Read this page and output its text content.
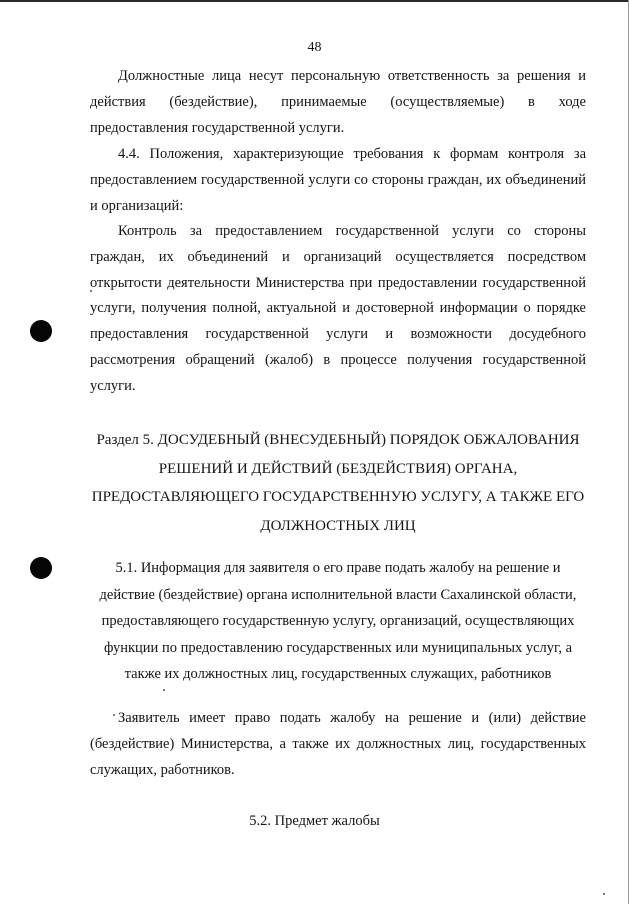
48

Должностные лица несут персональную ответственность за решения и действия (бездействие), принимаемые (осуществляемые) в ходе предоставления государственной услуги.

4.4. Положения, характеризующие требования к формам контроля за предоставлением государственной услуги со стороны граждан, их объединений и организаций:

Контроль за предоставлением государственной услуги со стороны граждан, их объединений и организаций осуществляется посредством открытости деятельности Министерства при предоставлении государственной услуги, получения полной, актуальной и достоверной информации о порядке предоставления государственной услуги и возможности досудебного рассмотрения обращений (жалоб) в процессе получения государственной услуги.

Раздел 5. ДОСУДЕБНЫЙ (ВНЕСУДЕБНЫЙ) ПОРЯДОК ОБЖАЛОВАНИЯ РЕШЕНИЙ И ДЕЙСТВИЙ (БЕЗДЕЙСТВИЯ) ОРГАНА, ПРЕДОСТАВЛЯЮЩЕГО ГОСУДАРСТВЕННУЮ УСЛУГУ, А ТАКЖЕ ЕГО ДОЛЖНОСТНЫХ ЛИЦ

5.1. Информация для заявителя о его праве подать жалобу на решение и действие (бездействие) органа исполнительной власти Сахалинской области, предоставляющего государственную услугу, организаций, осуществляющих функции по предоставлению государственных или муниципальных услуг, а также их должностных лиц, государственных служащих, работников

Заявитель имеет право подать жалобу на решение и (или) действие (бездействие) Министерства, а также их должностных лиц, государственных служащих, работников.

5.2. Предмет жалобы
